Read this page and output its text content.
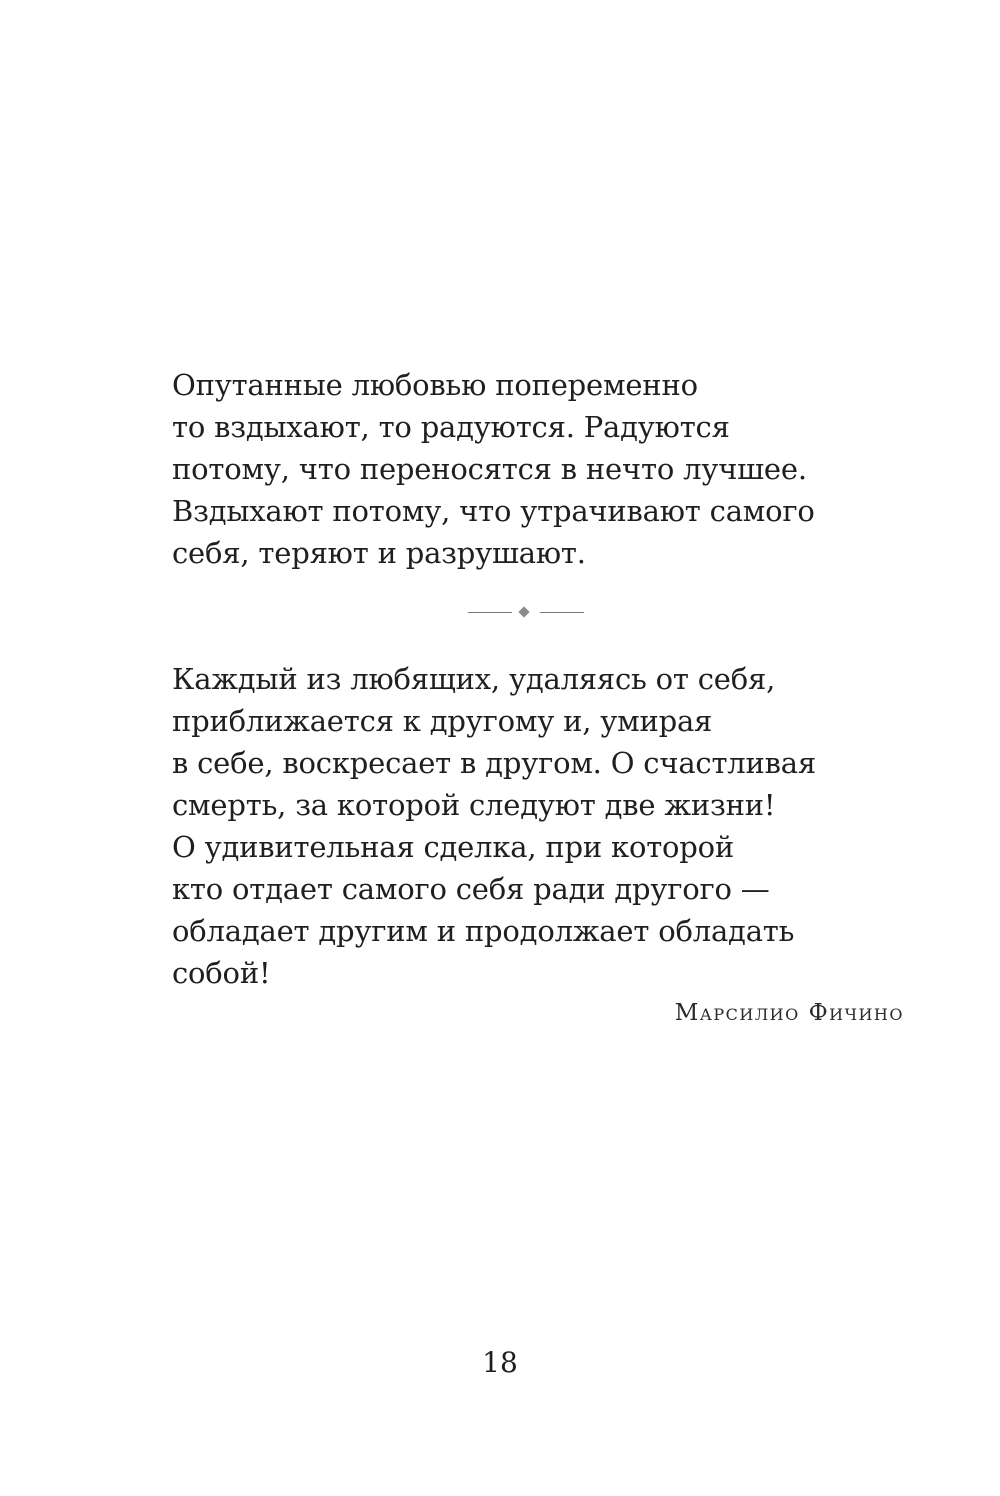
Опутанные любовью попеременно
то вздыхают, то радуются. Радуются
потому, что переносятся в нечто лучшее.
Вздыхают потому, что утрачивают самого
себя, теряют и разрушают.
Каждый из любящих, удаляясь от себя,
приближается к другому и, умирая
в себе, воскресает в другом. О счастливая
смерть, за которой следуют две жизни!
О удивительная сделка, при которой
кто отдает самого себя ради другого —
обладает другим и продолжает обладать
собой!
Марсилио Фичино
18
